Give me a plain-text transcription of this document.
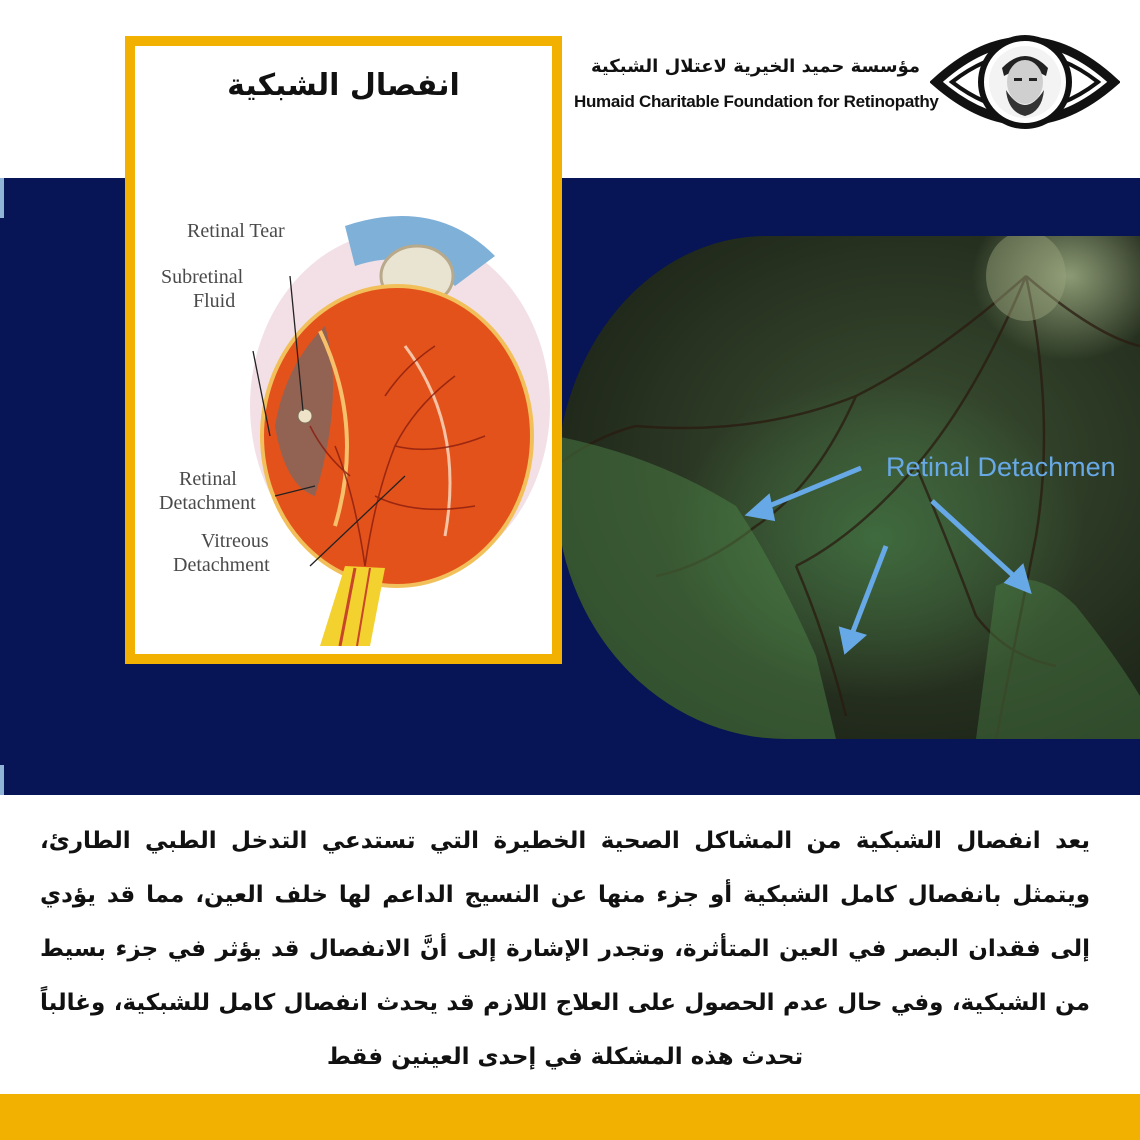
مؤسسة حميد الخيرية لاعتلال الشبكية
Humaid Charitable Foundation for Retinopathy
Retinal Detachmen
انفصال الشبكية
Retinal Tear
Subretinal
Fluid
Retinal
Detachment
Vitreous
Detachment
يعد انفصال الشبكية من المشاكل الصحية الخطيرة التي تستدعي التدخل الطبي الطارئ، ويتمثل بانفصال كامل الشبكية أو جزء منها عن النسيج الداعم لها خلف العين، مما قد يؤدي إلى فقدان البصر في العين المتأثرة، وتجدر الإشارة إلى أنَّ الانفصال قد يؤثر في جزء بسيط من الشبكية، وفي حال عدم الحصول على العلاج اللازم قد يحدث انفصال كامل للشبكية، وغالباً تحدث هذه المشكلة في إحدى العينين فقط
